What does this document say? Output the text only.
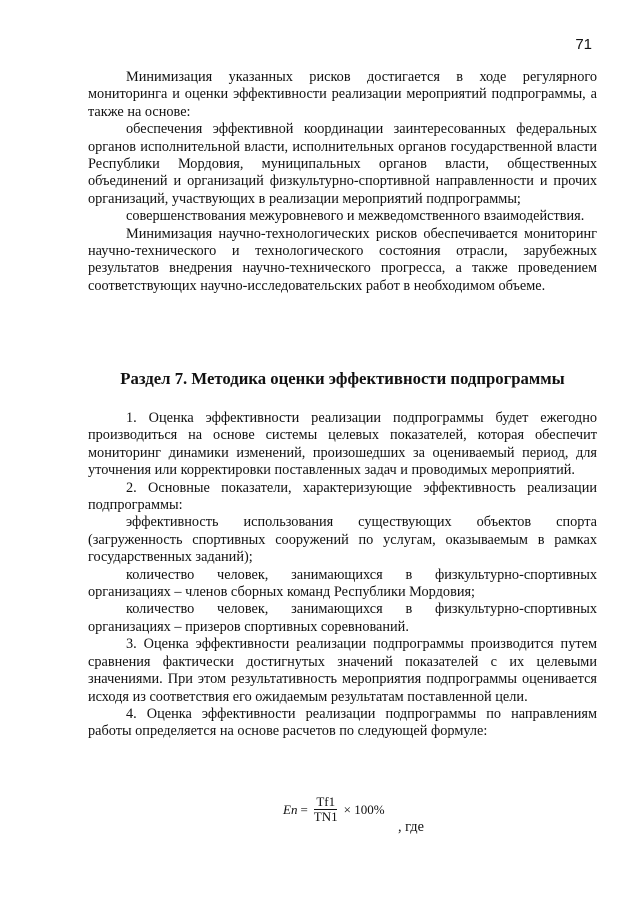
71

Минимизация указанных рисков достигается в ходе регулярного мониторинга и оценки эффективности реализации мероприятий подпрограммы, а также на основе:

обеспечения эффективной координации заинтересованных федеральных органов исполнительной власти, исполнительных органов государственной власти Республики Мордовия, муниципальных органов власти, общественных объединений и организаций физкультурно-спортивной направленности и прочих организаций, участвующих в реализации мероприятий подпрограммы;

совершенствования межуровневого и межведомственного взаимодействия.

Минимизация научно-технологических рисков обеспечивается мониторинг научно-технического и технологического состояния отрасли, зарубежных результатов внедрения научно-технического прогресса, а также проведением соответствующих научно-исследовательских работ в необходимом объеме.

Раздел 7. Методика оценки эффективности подпрограммы

1. Оценка эффективности реализации подпрограммы будет ежегодно производиться на основе системы целевых показателей, которая обеспечит мониторинг динамики изменений, произошедших за оцениваемый период, для уточнения или корректировки поставленных задач и проводимых мероприятий.

2. Основные показатели, характеризующие эффективность реализации подпрограммы:

эффективность использования существующих объектов спорта (загруженность спортивных сооружений по услугам, оказываемым в рамках государственных заданий);

количество человек, занимающихся в физкультурно-спортивных организациях – членов сборных команд Республики Мордовия;

количество человек, занимающихся в физкультурно-спортивных организациях – призеров спортивных соревнований.

3. Оценка эффективности реализации подпрограммы производится путем сравнения фактически достигнутых значений показателей с их целевыми значениями. При этом результативность мероприятия подпрограммы оценивается исходя из соответствия его ожидаемым результатам поставленной цели.

4. Оценка эффективности реализации подпрограммы по направлениям работы определяется на основе расчетов по следующей формуле:

$En = \frac{Tf1}{TN1} \times 100\%$
, где
